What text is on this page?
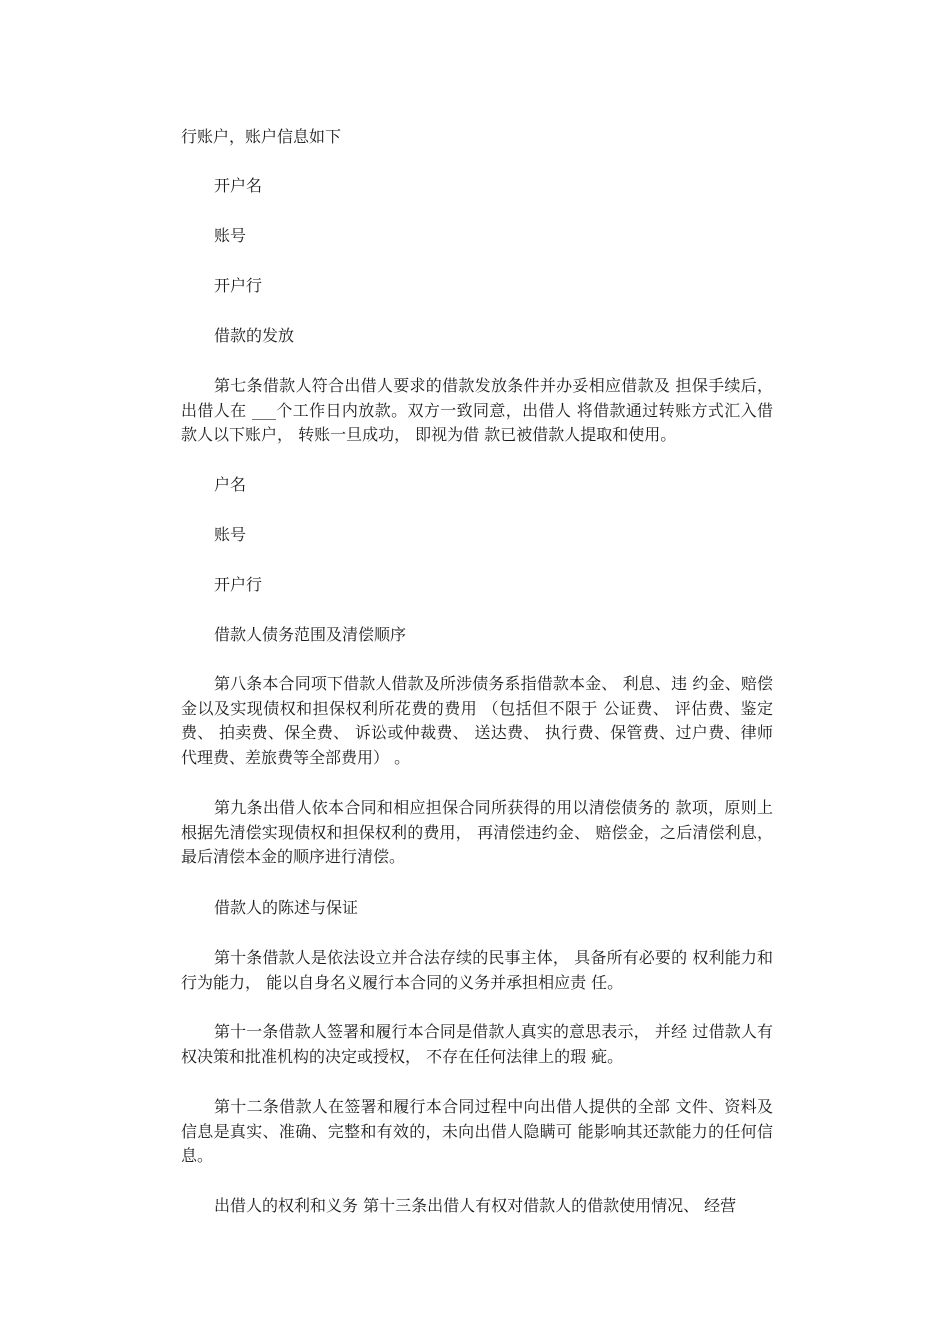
行账户，账户信息如下

开户名

账号

开户行

借款的发放

第七条借款人符合出借人要求的借款发放条件并办妥相应借款及 担保手续后，出借人在 ___个工作日内放款。双方一致同意，出借人 将借款通过转账方式汇入借款人以下账户， 转账一旦成功， 即视为借 款已被借款人提取和使用。

户名

账号

开户行

借款人债务范围及清偿顺序

第八条本合同项下借款人借款及所涉债务系指借款本金、 利息、违 约金、赔偿金以及实现债权和担保权利所花费的费用 （包括但不限于 公证费、 评估费、鉴定费、 拍卖费、保全费、 诉讼或仲裁费、 送达费、 执行费、保管费、过户费、律师代理费、差旅费等全部费用） 。

第九条出借人依本合同和相应担保合同所获得的用以清偿债务的 款项，原则上根据先清偿实现债权和担保权利的费用， 再清偿违约金、 赔偿金，之后清偿利息，最后清偿本金的顺序进行清偿。

借款人的陈述与保证

第十条借款人是依法设立并合法存续的民事主体， 具备所有必要的 权利能力和行为能力， 能以自身名义履行本合同的义务并承担相应责 任。

第十一条借款人签署和履行本合同是借款人真实的意思表示， 并经 过借款人有权决策和批准机构的决定或授权， 不存在任何法律上的瑕 疵。

第十二条借款人在签署和履行本合同过程中向出借人提供的全部 文件、资料及信息是真实、准确、完整和有效的，未向出借人隐瞒可 能影响其还款能力的任何信息。

出借人的权利和义务 第十三条出借人有权对借款人的借款使用情况、 经营
